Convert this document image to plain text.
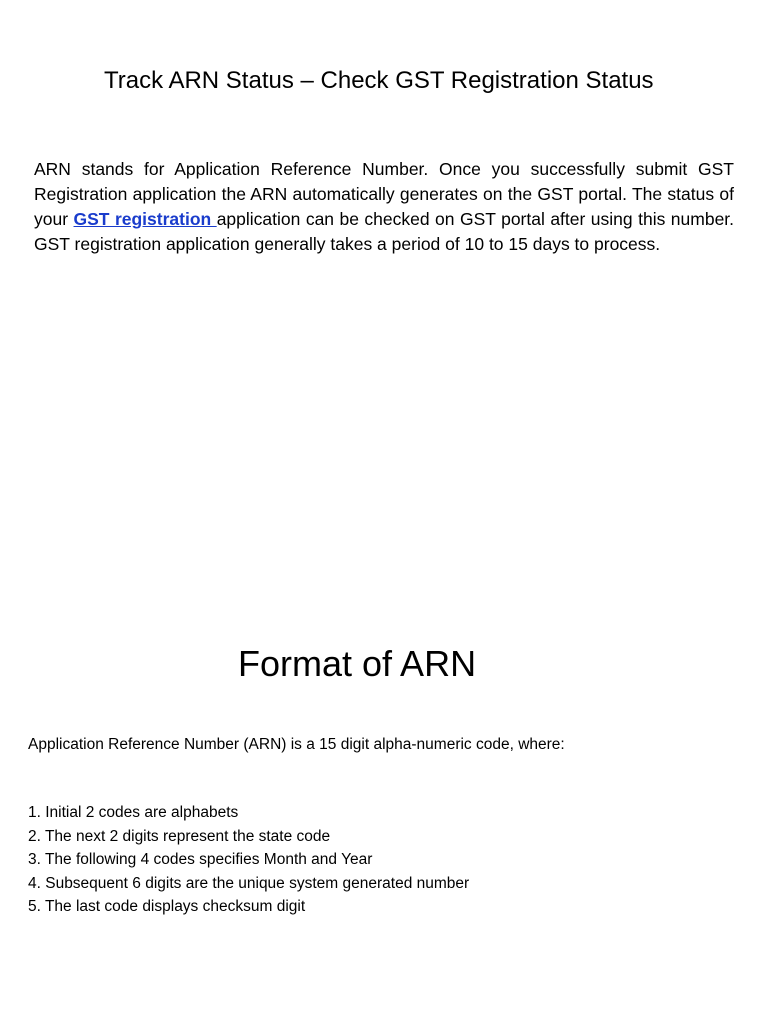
Track ARN Status – Check GST Registration Status

ARN stands for Application Reference Number. Once you successfully submit GST Registration application the ARN automatically generates on the GST portal. The status of your GST registration application can be checked on GST portal after using this number. GST registration application generally takes a period of 10 to 15 days to process.

Format of ARN
Application Reference Number (ARN) is a 15 digit alpha-numeric code, where:
1. Initial 2 codes are alphabets
2. The next 2 digits represent the state code
3. The following 4 codes specifies Month and Year
4. Subsequent 6 digits are the unique system generated number
5. The last code displays checksum digit
